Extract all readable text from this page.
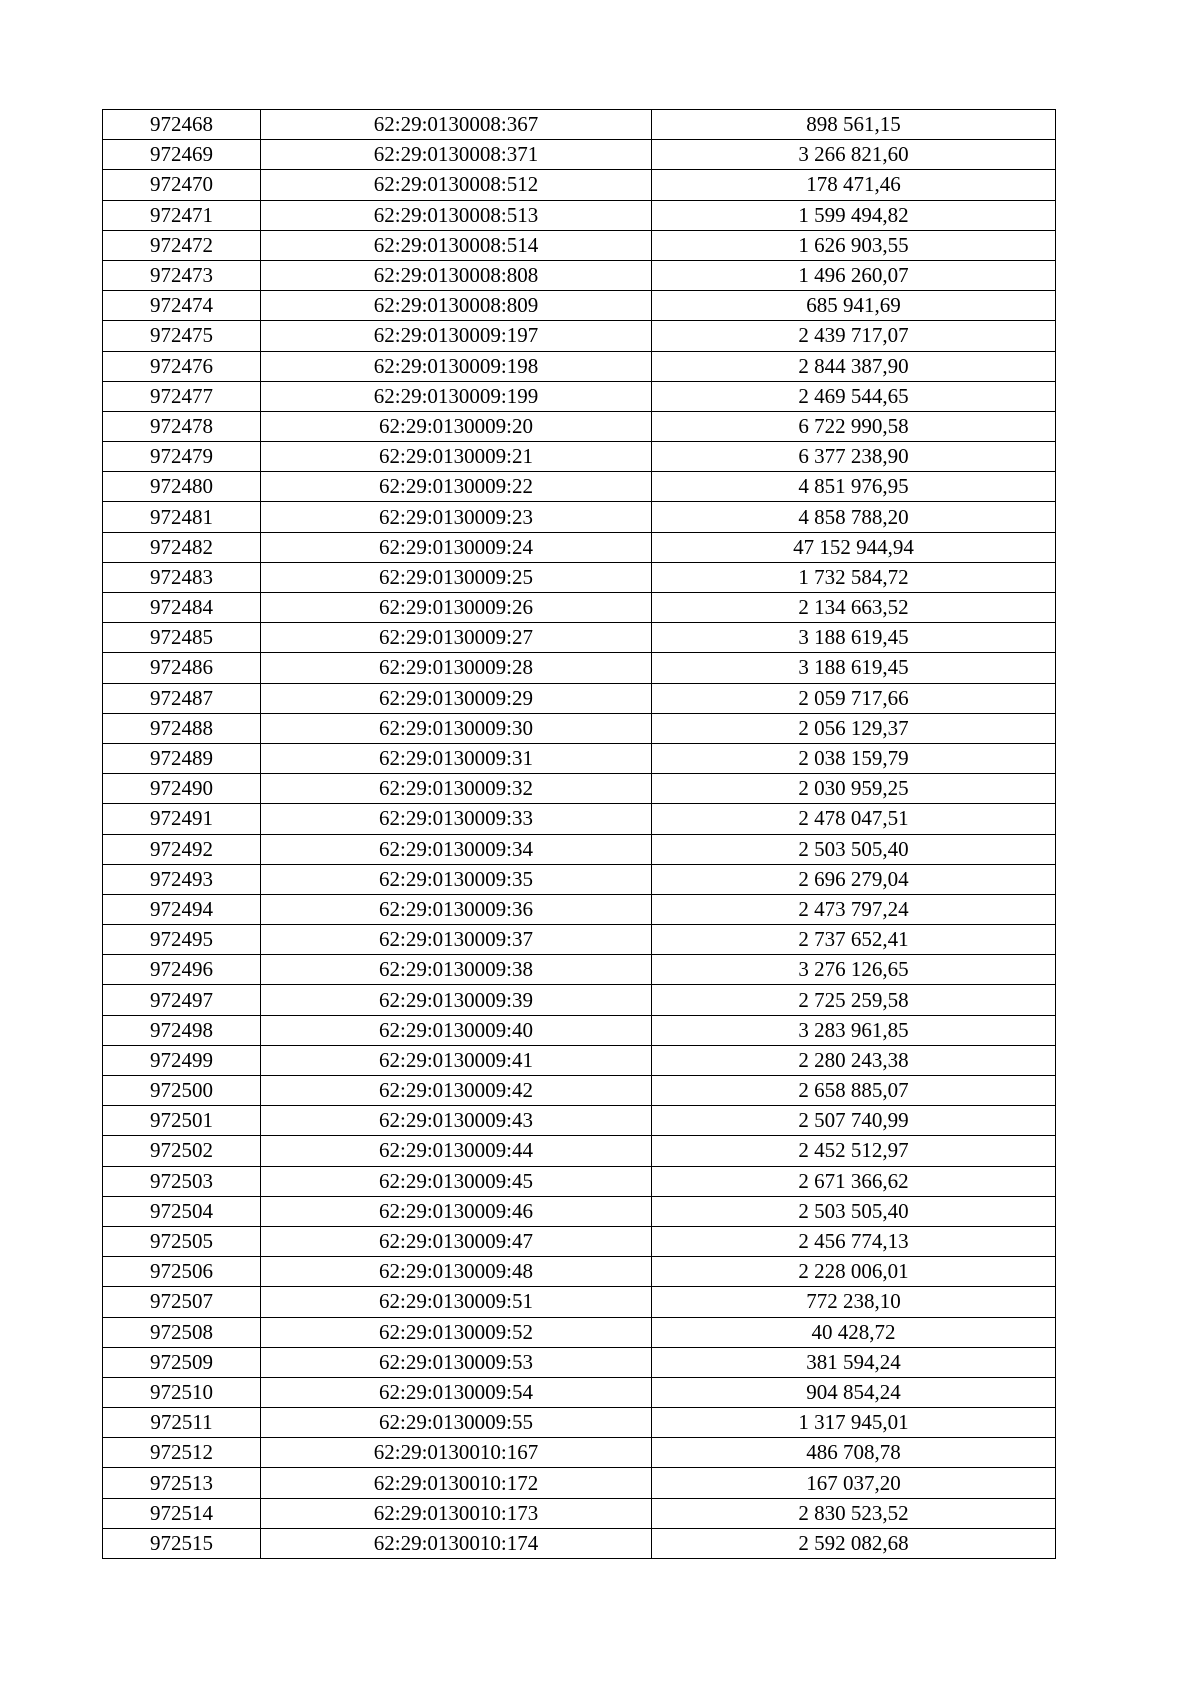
972468	62:29:0130008:367	898 561,15
972469	62:29:0130008:371	3 266 821,60
972470	62:29:0130008:512	178 471,46
972471	62:29:0130008:513	1 599 494,82
972472	62:29:0130008:514	1 626 903,55
972473	62:29:0130008:808	1 496 260,07
972474	62:29:0130008:809	685 941,69
972475	62:29:0130009:197	2 439 717,07
972476	62:29:0130009:198	2 844 387,90
972477	62:29:0130009:199	2 469 544,65
972478	62:29:0130009:20	6 722 990,58
972479	62:29:0130009:21	6 377 238,90
972480	62:29:0130009:22	4 851 976,95
972481	62:29:0130009:23	4 858 788,20
972482	62:29:0130009:24	47 152 944,94
972483	62:29:0130009:25	1 732 584,72
972484	62:29:0130009:26	2 134 663,52
972485	62:29:0130009:27	3 188 619,45
972486	62:29:0130009:28	3 188 619,45
972487	62:29:0130009:29	2 059 717,66
972488	62:29:0130009:30	2 056 129,37
972489	62:29:0130009:31	2 038 159,79
972490	62:29:0130009:32	2 030 959,25
972491	62:29:0130009:33	2 478 047,51
972492	62:29:0130009:34	2 503 505,40
972493	62:29:0130009:35	2 696 279,04
972494	62:29:0130009:36	2 473 797,24
972495	62:29:0130009:37	2 737 652,41
972496	62:29:0130009:38	3 276 126,65
972497	62:29:0130009:39	2 725 259,58
972498	62:29:0130009:40	3 283 961,85
972499	62:29:0130009:41	2 280 243,38
972500	62:29:0130009:42	2 658 885,07
972501	62:29:0130009:43	2 507 740,99
972502	62:29:0130009:44	2 452 512,97
972503	62:29:0130009:45	2 671 366,62
972504	62:29:0130009:46	2 503 505,40
972505	62:29:0130009:47	2 456 774,13
972506	62:29:0130009:48	2 228 006,01
972507	62:29:0130009:51	772 238,10
972508	62:29:0130009:52	40 428,72
972509	62:29:0130009:53	381 594,24
972510	62:29:0130009:54	904 854,24
972511	62:29:0130009:55	1 317 945,01
972512	62:29:0130010:167	486 708,78
972513	62:29:0130010:172	167 037,20
972514	62:29:0130010:173	2 830 523,52
972515	62:29:0130010:174	2 592 082,68
